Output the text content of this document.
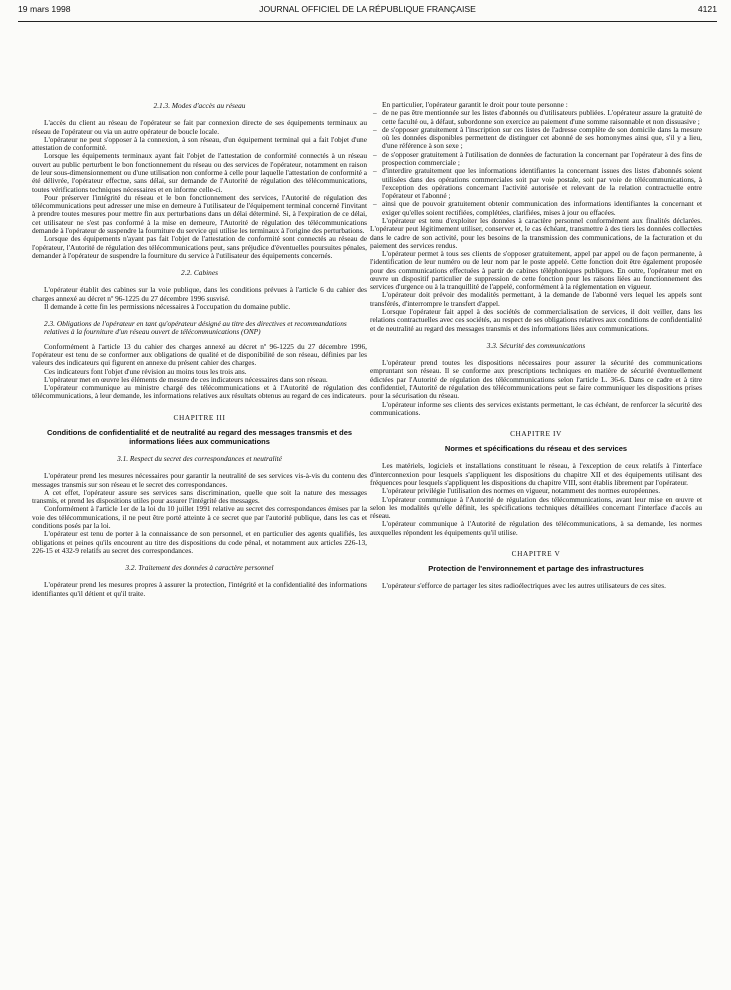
JOURNAL OFFICIEL DE LA RÉPUBLIQUE FRANÇAISE
19 mars 1998	4121
2.1.3. Modes d'accès au réseau

L'accès du client au réseau de l'opérateur se fait par connexion directe de ses équipements terminaux au réseau de l'opérateur ou via un autre opérateur de boucle locale.

L'opérateur ne peut s'opposer à la connexion, à son réseau, d'un équipement terminal qui a fait l'objet d'une attestation de conformité.

Lorsque les équipements terminaux ayant fait l'objet de l'attestation de conformité connectés à un réseau ouvert au public perturbent le bon fonctionnement du réseau ou des services de l'opérateur, notamment en raison de leur sous-dimensionnement ou d'une utilisation non conforme à celle pour laquelle l'attestation de conformité a été délivrée, l'opérateur effectue, sans délai, sur demande de l'Autorité de régulation des télécommunications, toutes vérifications techniques nécessaires et en informe celle-ci.

Pour préserver l'intégrité du réseau et le bon fonctionnement des services, l'Autorité de régulation des télécommunications peut adresser une mise en demeure à l'utilisateur de l'équipement terminal concerné l'invitant à prendre toutes mesures pour mettre fin aux perturbations dans un délai déterminé. Si, à l'expiration de ce délai, cet utilisateur ne s'est pas conformé à la mise en demeure, l'Autorité de régulation des télécommunications demande à l'opérateur de suspendre la fourniture du service qui utilise les terminaux à l'origine des perturbations.

Lorsque des équipements n'ayant pas fait l'objet de l'attestation de conformité sont connectés au réseau de l'opérateur, l'Autorité de régulation des télécommunications peut, sans préjudice d'éventuelles poursuites pénales, demander à l'opérateur de suspendre la fourniture du service à l'utilisateur des équipements concernés.

2.2. Cabines

L'opérateur établit des cabines sur la voie publique, dans les conditions prévues à l'article 6 du cahier des charges annexé au décret nº 96-1225 du 27 décembre 1996 susvisé.

Il demande à cette fin les permissions nécessaires à l'occupation du domaine public.

2.3. Obligations de l'opérateur en tant qu'opérateur désigné au titre des directives et recommandations relatives à la fourniture d'un réseau ouvert de télécommunications (ONP)

Conformément à l'article 13 du cahier des charges annexé au décret nº 96-1225 du 27 décembre 1996, l'opérateur est tenu de se conformer aux obligations de qualité et de disponibilité de son réseau, définies par les valeurs des indicateurs qui figurent en annexe du présent cahier des charges.

Ces indicateurs font l'objet d'une révision au moins tous les trois ans.

L'opérateur met en œuvre les éléments de mesure de ces indicateurs nécessaires dans son réseau.

L'opérateur communique au ministre chargé des télécommunications et à l'Autorité de régulation des télécommunications, à leur demande, les informations relatives aux résultats obtenus au regard de ces indicateurs.

CHAPITRE III
Conditions de confidentialité et de neutralité au regard des messages transmis et des informations liées aux communications
3.1. Respect du secret des correspondances et neutralité

L'opérateur prend les mesures nécessaires pour garantir la neutralité de ses services vis-à-vis du contenu des messages transmis sur son réseau et le secret des correspondances.

A cet effet, l'opérateur assure ses services sans discrimination, quelle que soit la nature des messages transmis, et prend les dispositions utiles pour assurer l'intégrité des messages.

Conformément à l'article 1er de la loi du 10 juillet 1991 relative au secret des correspondances émises par la voie des télécommunications, il ne peut être porté atteinte à ce secret que par l'autorité publique, dans les cas et conditions posés par la loi.

L'opérateur est tenu de porter à la connaissance de son personnel, et en particulier des agents qualifiés, les obligations et peines qu'ils encourent au titre des dispositions du code pénal, et notamment aux articles 226-13, 226-15 et 432-9 relatifs au secret des correspondances.

3.2. Traitement des données à caractère personnel

L'opérateur prend les mesures propres à assurer la protection, l'intégrité et la confidentialité des informations identifiantes qu'il détient et qu'il traite.

En particulier, l'opérateur garantit le droit pour toute personne :

– de ne pas être mentionnée sur les listes d'abonnés ou d'utilisateurs publiées. L'opérateur assure la gratuité de cette faculté ou, à défaut, subordonne son exercice au paiement d'une somme raisonnable et non dissuasive ;
– de s'opposer gratuitement à l'inscription sur ces listes de l'adresse complète de son domicile dans la mesure où les données disponibles permettent de distinguer cet abonné de ses homonymes ainsi que, s'il y a lieu, d'une référence à son sexe ;
– de s'opposer gratuitement à l'utilisation de données de facturation la concernant par l'opérateur à des fins de prospection commerciale ;
– d'interdire gratuitement que les informations identifiantes la concernant issues des listes d'abonnés soient utilisées dans des opérations commerciales soit par voie postale, soit par voie de télécommunications, à l'exception des opérations concernant l'activité autorisée et relevant de la relation contractuelle entre l'opérateur et l'abonné ;
– ainsi que de pouvoir gratuitement obtenir communication des informations identifiantes la concernant et exiger qu'elles soient rectifiées, complétées, clarifiées, mises à jour ou effacées.

L'opérateur est tenu d'exploiter les données à caractère personnel conformément aux finalités déclarées. L'opérateur peut légitimement utiliser, conserver et, le cas échéant, transmettre à des tiers les données collectées dans le cadre de son activité, pour les besoins de la transmission des communications, de la facturation et du paiement des services rendus.

L'opérateur permet à tous ses clients de s'opposer gratuitement, appel par appel ou de façon permanente, à l'identification de leur numéro ou de leur nom par le poste appelé. Cette fonction doit être également proposée pour des communications effectuées à partir de cabines téléphoniques publiques. En outre, l'opérateur met en œuvre un dispositif particulier de suppression de cette fonction pour les raisons liées au fonctionnement des services d'urgence ou à la tranquillité de l'appelé, conformément à la réglementation en vigueur.

L'opérateur doit prévoir des modalités permettant, à la demande de l'abonné vers lequel les appels sont transférés, d'interrompre le transfert d'appel.

Lorsque l'opérateur fait appel à des sociétés de commercialisation de services, il doit veiller, dans les relations contractuelles avec ces sociétés, au respect de ses obligations relatives aux conditions de confidentialité et de neutralité au regard des messages transmis et des informations liées aux communications.

3.3. Sécurité des communications

L'opérateur prend toutes les dispositions nécessaires pour assurer la sécurité des communications empruntant son réseau. Il se conforme aux prescriptions techniques en matière de sécurité éventuellement édictées par l'Autorité de régulation des télécommunications selon l'article L. 36-6. Dans ce cadre et à titre confidentiel, l'Autorité de régulation des télécommunications peut se faire communiquer les dispositions prises pour la sécurisation du réseau.

L'opérateur informe ses clients des services existants permettant, le cas échéant, de renforcer la sécurité des communications.

CHAPITRE IV
Normes et spécifications du réseau et des services

Les matériels, logiciels et installations constituant le réseau, à l'exception de ceux relatifs à l'interface d'interconnexion pour lesquels s'appliquent les dispositions du chapitre XII et des équipements utilisant des fréquences pour lesquels s'appliquent les dispositions du chapitre VIII, sont établis librement par l'opérateur.

L'opérateur privilégie l'utilisation des normes en vigueur, notamment des normes européennes.

L'opérateur communique à l'Autorité de régulation des télécommunications, avant leur mise en œuvre et selon les modalités qu'elle définit, les spécifications techniques détaillées concernant l'interface d'accès au réseau.

L'opérateur communique à l'Autorité de régulation des télécommunications, à sa demande, les normes auxquelles répondent les équipements qu'il utilise.

CHAPITRE V
Protection de l'environnement et partage des infrastructures

L'opérateur s'efforce de partager les sites radioélectriques avec les autres utilisateurs de ces sites.
